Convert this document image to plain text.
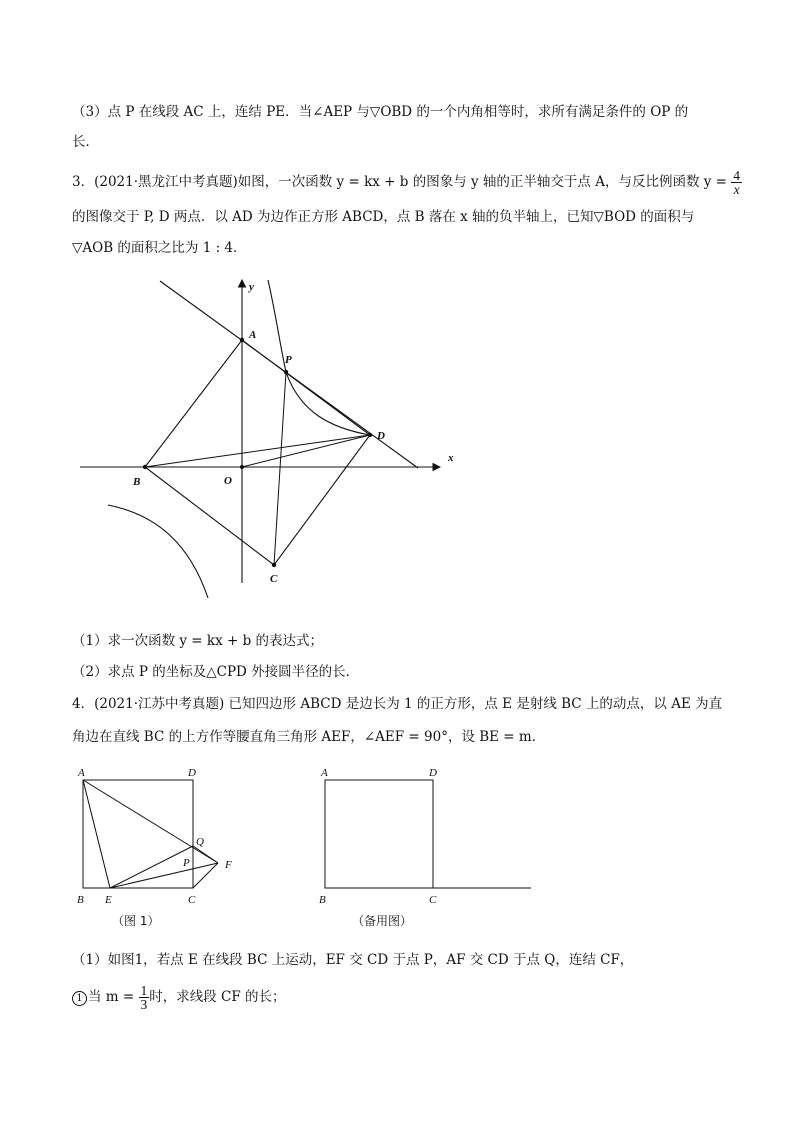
（3）点 P 在线段 AC 上，连结 PE．当∠AEP 与▽OBD 的一个内角相等时，求所有满足条件的 OP 的
长．
3．(2021·黑龙江中考真题)如图，一次函数 y = kx + b 的图象与 y 轴的正半轴交于点 A，与反比例函数 $y = \frac{4}{x}$
的图像交于 P, D 两点．以 AD 为边作正方形 ABCD，点 B 落在 x 轴的负半轴上，已知▽BOD 的面积与
▽AOB 的面积之比为 1 : 4．
y
x
A
P
D
B	O
C
（1）求一次函数 y = kx + b 的表达式；
（2）求点 P 的坐标及△CPD 外接圆半径的长．
4．(2021·江苏中考真题) 已知四边形 ABCD 是边长为 1 的正方形，点 E 是射线 BC 上的动点，以 AE 为直
角边在直线 BC 的上方作等腰直角三角形 AEF，∠AEF = 90°，设 BE = m．
A	D
Q
P	F
B E	C
（图 1）
A	D
B	C
（备用图）
（1）如图1，若点 E 在线段 BC 上运动，EF 交 CD 于点 P，AF 交 CD 于点 Q，连结 CF，
1 当 $m = \frac{1}{3}$ 时，求线段 CF 的长；
